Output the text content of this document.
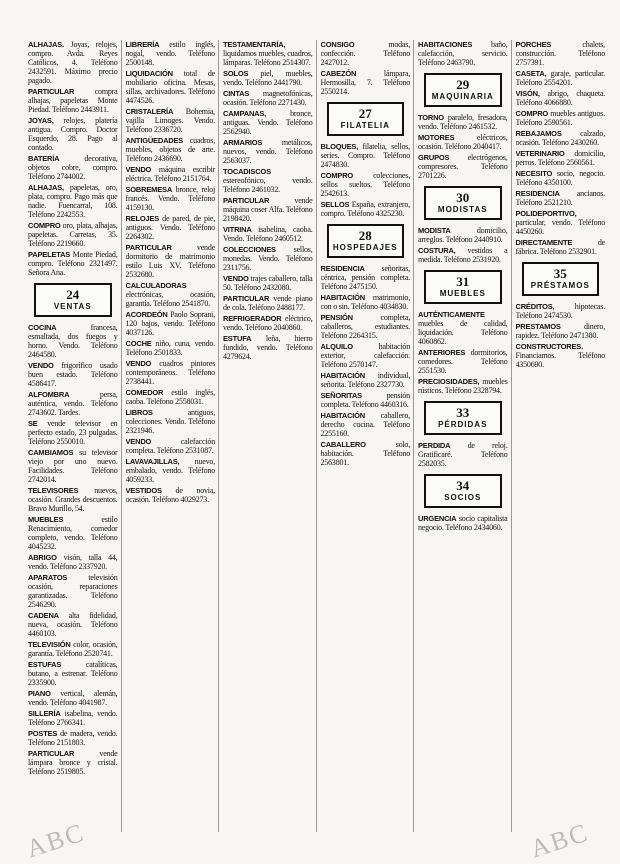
ALHAJAS. Joyas, relojes, compro. Avda. Reyes Católicos, 4. Teléfono 2432591. Máximo precio pagado.

PARTICULAR	compra alhajas, papeletas Monte Piedad. Teléfono 2443911.

JOYAS, relojes, platería antigua. Compro. Doctor Esquerdo, 28. Pago al contado.

BATERÍA	decorativa, objetos cobre, compro. Teléfono 2744002.

ALHAJAS, papeletas, oro, plata, compro. Pago más que nadie. Fuencarral, 108. Teléfono 2242553.

COMPRO oro, plata, alhajas, papeletas. Carretas, 35. Teléfono 2219660.

PAPELETAS Monte Piedad, compro. Teléfono 2321497. Señora Ana.

24
VENTAS

COCINA	francesa, esmaltada, dos fuegos y horno. Vendo. Teléfono 2464580.

VENDO frigorífico usado buen estado. Teléfono 4586417.

ALFOMBRA	persa, auténtica, vendo. Teléfono 2743602. Tardes.

SE vende televisor en perfecto estado, 23 pulgadas. Teléfono 2550010.

CAMBIAMOS su televisor viejo por uno nuevo. Facilidades. Teléfono 2742014.

TELEVISORES nuevos, ocasión. Grandes descuentos. Bravo Murillo, 54.

MUEBLES	estilo Renacimiento, comedor completo, vendo. Teléfono 4045232.

ABRIGO visón, talla 44, vendo. Teléfono 2337920.

APARATOS	televisión ocasión, reparaciones garantizadas. Teléfono 2546290.

CADENA alta fidelidad, nueva, ocasión. Teléfono 4460103.

TELEVISIÓN color, ocasión, garantía. Teléfono 2520741.

ESTUFAS	catalíticas, butano, a estrenar. Teléfono 2335900.

PIANO vertical, alemán, vendo. Teléfono 4041987.

SILLERÍA isabelina, vendo. Teléfono 2766341.

POSTES de madera, vendo. Teléfono 2151803.

PARTICULAR	vende lámpara bronce y cristal. Teléfono 2519805.

LIBRERÍA estilo inglés, nogal, vendo. Teléfono 2500148.

LIQUIDACIÓN total de mobiliario oficina. Mesas, sillas, archivadores. Teléfono 4474526.

CRISTALERÍA Bohemia, vajilla Limoges. Vendo. Teléfono 2336720.

ANTIGÜEDADES cuadros, muebles, objetos de arte. Teléfono 2436690.

VENDO máquina escribir eléctrica. Teléfono 2151764.

SOBREMESA bronce, reloj francés. Vendo. Teléfono 4159130.

RELOJES de pared, de pie, antiguos. Vendo. Teléfono 2264302.

PARTICULAR	vende dormitorio de matrimonio estilo Luis XV. Teléfono 2532680.

CALCULADORAS electrónicas, ocasión, garantía. Teléfono 2541870.

ACORDEÓN Paolo Soprani, 120 bajos, vendo. Teléfono 4037126.

COCHE niño, cuna, vendo. Teléfono 2501833.

VENDO cuadros pintores contemporáneos. Teléfono 2738441.

COMEDOR estilo inglés, caoba. Teléfono 2558031.

LIBROS	antiguos, colecciones. Vendo. Teléfono 2321946.

VENDO	calefacción completa. Teléfono 2531087.

LAVAVAJILLAS, nuevo, embalado, vendo. Teléfono 4059233.

VESTIDOS de novia, ocasión. Teléfono 4029273.

TESTAMENTARÍA, liquidamos muebles, cuadros, lámparas. Teléfono 2514307.

SOLOS piel, muebles, vendo. Teléfono 2441790.

CINTAS magnetofónicas, ocasión. Teléfono 2271430.

CAMPANAS,	bronce, antiguas. Vendo. Teléfono 2562940.

ARMARIOS metálicos, nuevos, vendo. Teléfono 2563037.

TOCADISCOS estereofónico, vendo. Teléfono 2461032.

PARTICULAR	vende máquina coser Alfa. Teléfono 2198420.

VITRINA isabelina, caoba. Vendo. Teléfono 2460512.

COLECCIONES sellos, monedas. Vendo. Teléfono 2311756.

VENDO trajes caballero, talla 50. Teléfono 2432080.

PARTICULAR vende piano de cola. Teléfono 2488177.

REFRIGERADOR eléctrico, vendo. Teléfono 2040860.

ESTUFA leña, hierro fundido, vendo. Teléfono 4279624.

CONSIGO	modas, confección. Teléfono 2427012.

CABEZÓN	lámpara, Hermosilla, 7. Teléfono 2550214.

27
FILATELIA

BLOQUES, filatelia, sellos, series. Compro. Teléfono 2474830.

COMPRO	colecciones, sellos sueltos. Teléfono 2542613.

SELLOS España, extranjero, compro. Teléfono 4325230.

28
HOSPEDAJES

RESIDENCIA señoritas, céntrica, pensión completa. Teléfono 2475150.

HABITACIÓN matrimonio, con o sin. Teléfono 4034830.

PENSIÓN	completa, caballeros, estudiantes. Teléfono 2264315.

ALQUILO	habitación exterior, calefacción. Teléfono 2570147.

HABITACIÓN individual, señorita. Teléfono 2327730.

SEÑORITAS	pensión completa. Teléfono 4460316.

HABITACIÓN caballero, derecho cocina. Teléfono 2255160.

CABALLERO	solo, habitación. Teléfono 2563801.

HABITACIONES baño, calefacción, servicio. Teléfono 2463790.

29
MAQUINARIA

TORNO paralelo, fresadora, vendo. Teléfono 2461532.

MOTORES	eléctricos, ocasión. Teléfono 2040417.

GRUPOS electrógenos, compresores. Teléfono 2701226.

30
MODISTAS

MODISTA	domicilio, arreglos. Teléfono 2440910.

COSTURA, vestidos a medida. Teléfono 2531920.

31
MUEBLES

AUTÉNTICAMENTE muebles de calidad, liquidación. Teléfono 4060862.

ANTERIORES dormitorios, comedores. Teléfono 2551530.

PRECIOSIDADES, muebles rústicos. Teléfono 2328794.

33
PÉRDIDAS

PERDIDA de reloj. Gratificaré. Teléfono 2582035.

34
SOCIOS

URGENCIA socio capitalista negocio. Teléfono 2434060.

PORCHES	chalets, construcción. Teléfono 2757391.

CASETA, garaje, particular. Teléfono 2554201.

VISÓN, abrigo, chaqueta. Teléfono 4066880.

COMPRO muebles antiguos. Teléfono 2590561.

REBAJAMOS calzado, ocasión. Teléfono 2430260.

VETERINARIO domicilio, perros. Teléfono 2560561.

NECESITO socio, negocio. Teléfono 4350100.

RESIDENCIA ancianos. Teléfono 2521210.

POLIDEPORTIVO, particular, vendo. Teléfono 4450260.

DIRECTAMENTE	de fábrica. Teléfono 2532901.

35
PRÉSTAMOS

CRÉDITOS,	hipotecas. Teléfono 2474530.

PRESTAMOS	dinero, rapidez. Teléfono 2471380.

CONSTRUCTORES. Financiamos. Teléfono 4350690.

ABC	ABC
